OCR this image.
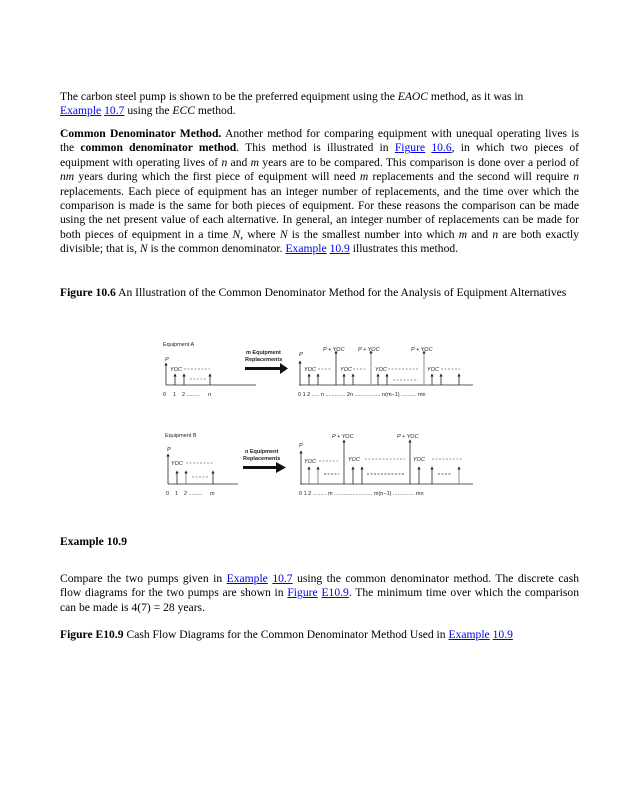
The carbon steel pump is shown to be the preferred equipment using the EAOC method, as it was in
Example 10.7 using the ECC method.

Common Denominator Method. Another method for comparing equipment with unequal operating lives is the common denominator method. This method is illustrated in Figure 10.6, in which two pieces of equipment with operating lives of n and m years are to be compared. This comparison is done over a period of nm years during which the first piece of equipment will need m replacements and the second will require n replacements. Each piece of equipment has an integer number of replacements, and the time over which the comparison is made is the same for both pieces of equipment. For these reasons the comparison can be made using the net present value of each alternative. In general, an integer number of replacements can be made for both pieces of equipment in a time N, where N is the smallest number into which m and n are both exactly divisible; that is, N is the common denominator. Example 10.9 illustrates this method.

Figure 10.6 An Illustration of the Common Denominator Method for the Analysis of Equipment Alternatives

Equipment A
P
YOC
0 1 2 ......... n
m Equipment
Replacements
P
P + YOC P + YOC	P + YOC
YOC	YOC	YOC	YOC
0 1 2 ..... n ............. 2n ................. n(m−1) .......... mn
Equipment B
P
YOC
0 1 2 ......... m
n Equipment
Replacements
P
P + YOC	P + YOC
YOC	YOC	YOC
0 1 2 ......... m ......................... m(n−1) .............. mn

Example 10.9

Compare the two pumps given in Example 10.7 using the common denominator method. The discrete cash flow diagrams for the two pumps are shown in Figure E10.9. The minimum time over which the comparison can be made is 4(7) = 28 years.

Figure E10.9 Cash Flow Diagrams for the Common Denominator Method Used in Example 10.9
